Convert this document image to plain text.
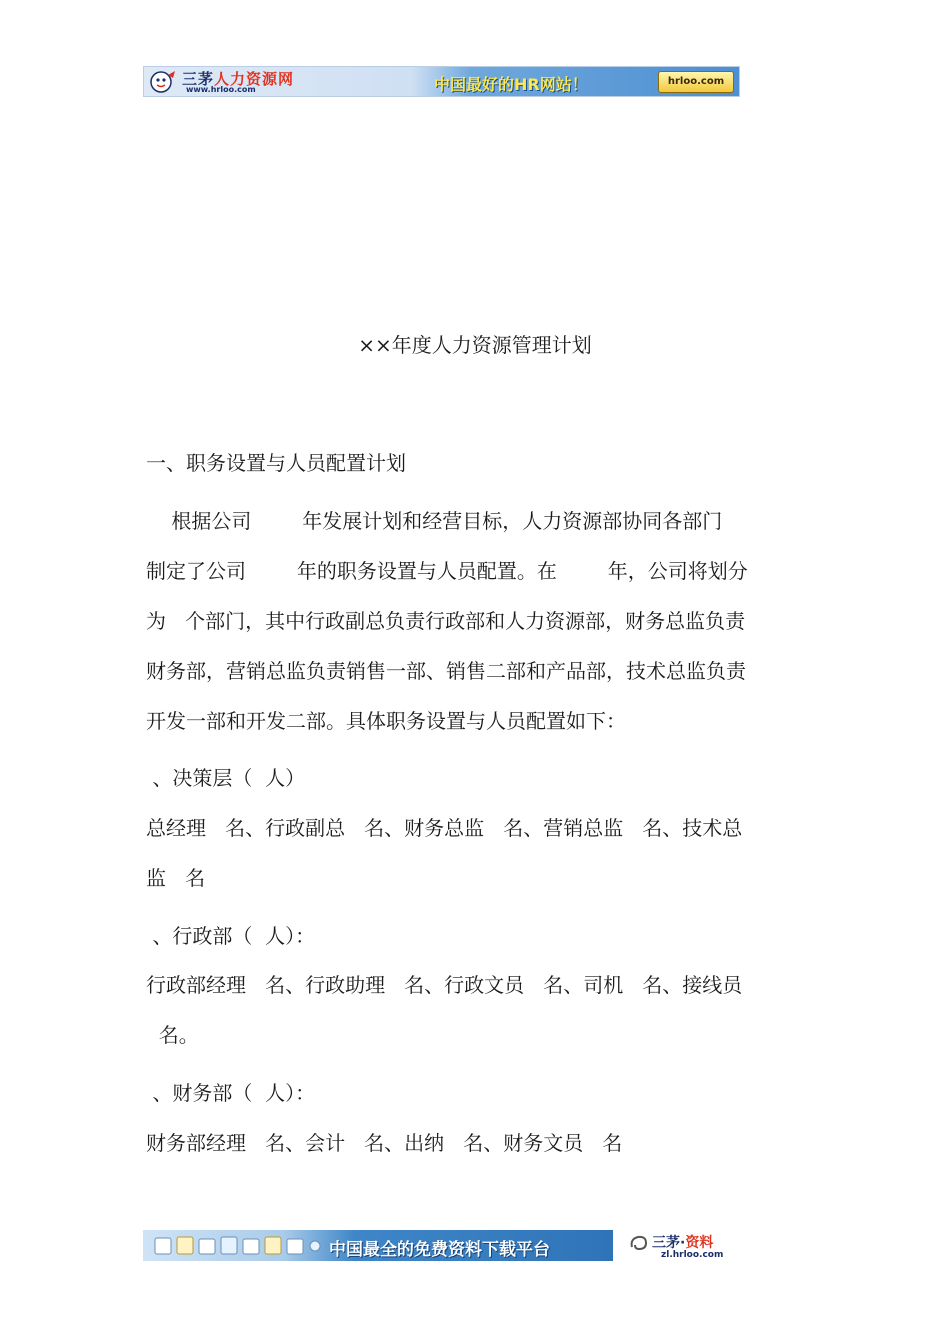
三茅人力资源网
www.hrloo.com	中国最好的HR网站！	hrloo.com
××年度人力资源管理计划
一、职务设置与人员配置计划
根据公司        年发展计划和经营目标，人力资源部协同各部门
制定了公司        年的职务设置与人员配置。在        年，公司将划分
为   个部门，其中行政副总负责行政部和人力资源部，财务总监负责
财务部，营销总监负责销售一部、销售二部和产品部，技术总监负责
开发一部和开发二部。具体职务设置与人员配置如下：
、决策层（  人）
总经理   名、行政副总   名、财务总监   名、营销总监   名、技术总
监   名
、行政部（  人）：
行政部经理   名、行政助理   名、行政文员   名、司机   名、接线员
名。
、财务部（  人）：
财务部经理   名、会计   名、出纳   名、财务文员   名
中国最全的免费资料下载平台	三茅·资料
zl.hrloo.com
